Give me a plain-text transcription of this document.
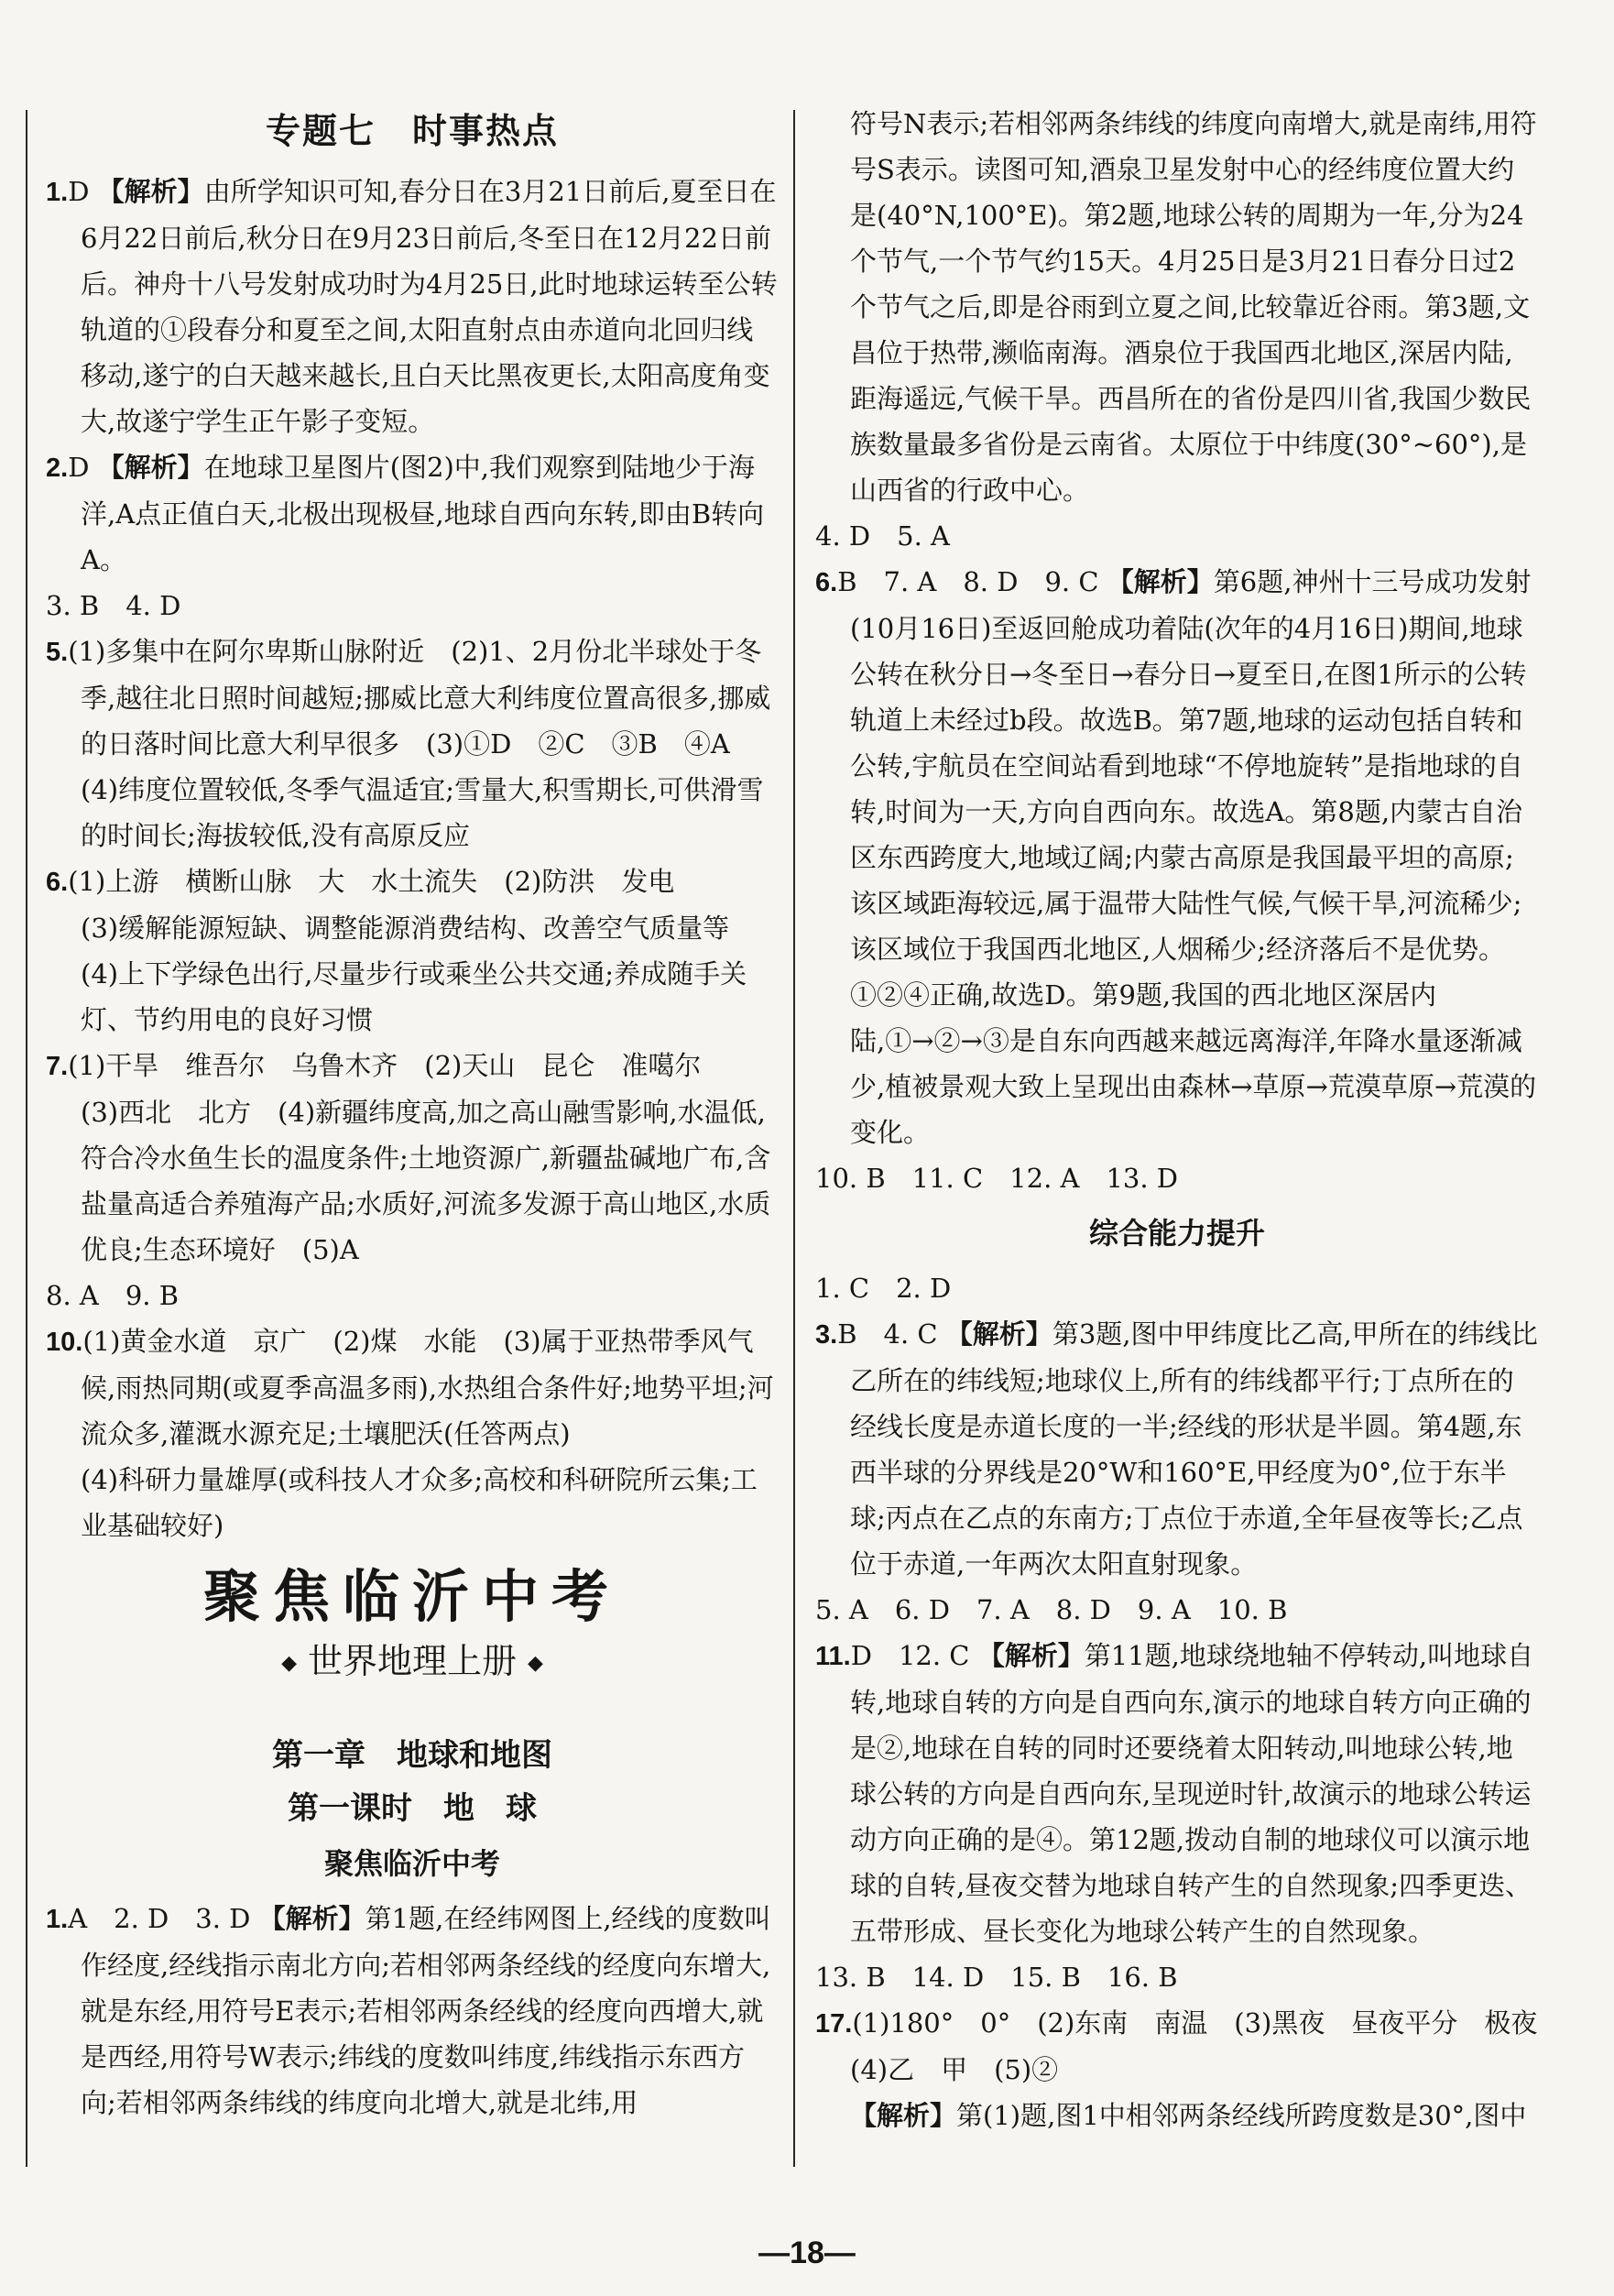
专题七　时事热点

1.D 【解析】由所学知识可知,春分日在3月21日前后,夏至日在6月22日前后,秋分日在9月23日前后,冬至日在12月22日前后。神舟十八号发射成功时为4月25日,此时地球运转至公转轨道的①段春分和夏至之间,太阳直射点由赤道向北回归线移动,遂宁的白天越来越长,且白天比黑夜更长,太阳高度角变大,故遂宁学生正午影子变短。

2.D 【解析】在地球卫星图片(图2)中,我们观察到陆地少于海洋,A点正值白天,北极出现极昼,地球自西向东转,即由B转向A。

3. B　4. D

5.(1)多集中在阿尔卑斯山脉附近　(2)1、2月份北半球处于冬季,越往北日照时间越短;挪威比意大利纬度位置高很多,挪威的日落时间比意大利早很多　(3)①D　②C　③B　④A

(4)纬度位置较低,冬季气温适宜;雪量大,积雪期长,可供滑雪的时间长;海拔较低,没有高原反应

6.(1)上游　横断山脉　大　水土流失　(2)防洪　发电

(3)缓解能源短缺、调整能源消费结构、改善空气质量等

(4)上下学绿色出行,尽量步行或乘坐公共交通;养成随手关灯、节约用电的良好习惯

7.(1)干旱　维吾尔　乌鲁木齐　(2)天山　昆仑　准噶尔

(3)西北　北方　(4)新疆纬度高,加之高山融雪影响,水温低,符合冷水鱼生长的温度条件;土地资源广,新疆盐碱地广布,含盐量高适合养殖海产品;水质好,河流多发源于高山地区,水质优良;生态环境好　(5)A

8. A　9. B

10.(1)黄金水道　京广　(2)煤　水能　(3)属于亚热带季风气候,雨热同期(或夏季高温多雨),水热组合条件好;地势平坦;河流众多,灌溉水源充足;土壤肥沃(任答两点)

(4)科研力量雄厚(或科技人才众多;高校和科研院所云集;工业基础较好)

聚焦临沂中考
◆ 世界地理上册 ◆
第一章　地球和地图
第一课时　地　球
聚焦临沂中考

1.A　2. D　3. D 【解析】第1题,在经纬网图上,经线的度数叫作经度,经线指示南北方向;若相邻两条经线的经度向东增大,就是东经,用符号E表示;若相邻两条经线的经度向西增大,就是西经,用符号W表示;纬线的度数叫纬度,纬线指示东西方向;若相邻两条纬线的纬度向北增大,就是北纬,用

符号N表示;若相邻两条纬线的纬度向南增大,就是南纬,用符号S表示。读图可知,酒泉卫星发射中心的经纬度位置大约是(40°N,100°E)。第2题,地球公转的周期为一年,分为24个节气,一个节气约15天。4月25日是3月21日春分日过2个节气之后,即是谷雨到立夏之间,比较靠近谷雨。第3题,文昌位于热带,濒临南海。酒泉位于我国西北地区,深居内陆,距海遥远,气候干旱。西昌所在的省份是四川省,我国少数民族数量最多省份是云南省。太原位于中纬度(30°~60°),是山西省的行政中心。

4. D　5. A

6.B　7. A　8. D　9. C 【解析】第6题,神州十三号成功发射(10月16日)至返回舱成功着陆(次年的4月16日)期间,地球公转在秋分日→冬至日→春分日→夏至日,在图1所示的公转轨道上未经过b段。故选B。第7题,地球的运动包括自转和公转,宇航员在空间站看到地球“不停地旋转”是指地球的自转,时间为一天,方向自西向东。故选A。第8题,内蒙古自治区东西跨度大,地域辽阔;内蒙古高原是我国最平坦的高原;该区域距海较远,属于温带大陆性气候,气候干旱,河流稀少;该区域位于我国西北地区,人烟稀少;经济落后不是优势。①②④正确,故选D。第9题,我国的西北地区深居内陆,①→②→③是自东向西越来越远离海洋,年降水量逐渐减少,植被景观大致上呈现出由森林→草原→荒漠草原→荒漠的变化。

10. B　11. C　12. A　13. D

综合能力提升

1. C　2. D

3.B　4. C 【解析】第3题,图中甲纬度比乙高,甲所在的纬线比乙所在的纬线短;地球仪上,所有的纬线都平行;丁点所在的经线长度是赤道长度的一半;经线的形状是半圆。第4题,东西半球的分界线是20°W和160°E,甲经度为0°,位于东半球;丙点在乙点的东南方;丁点位于赤道,全年昼夜等长;乙点位于赤道,一年两次太阳直射现象。

5. A　6. D　7. A　8. D　9. A　10. B

11.D　12. C 【解析】第11题,地球绕地轴不停转动,叫地球自转,地球自转的方向是自西向东,演示的地球自转方向正确的是②,地球在自转的同时还要绕着太阳转动,叫地球公转,地球公转的方向是自西向东,呈现逆时针,故演示的地球公转运动方向正确的是④。第12题,拨动自制的地球仪可以演示地球的自转,昼夜交替为地球自转产生的自然现象;四季更迭、五带形成、昼长变化为地球公转产生的自然现象。

13. B　14. D　15. B　16. B

17.(1)180°　0°　(2)东南　南温　(3)黑夜　昼夜平分　极夜

(4)乙　甲　(5)②

【解析】第(1)题,图1中相邻两条经线所跨度数是30°,图中

—18—
